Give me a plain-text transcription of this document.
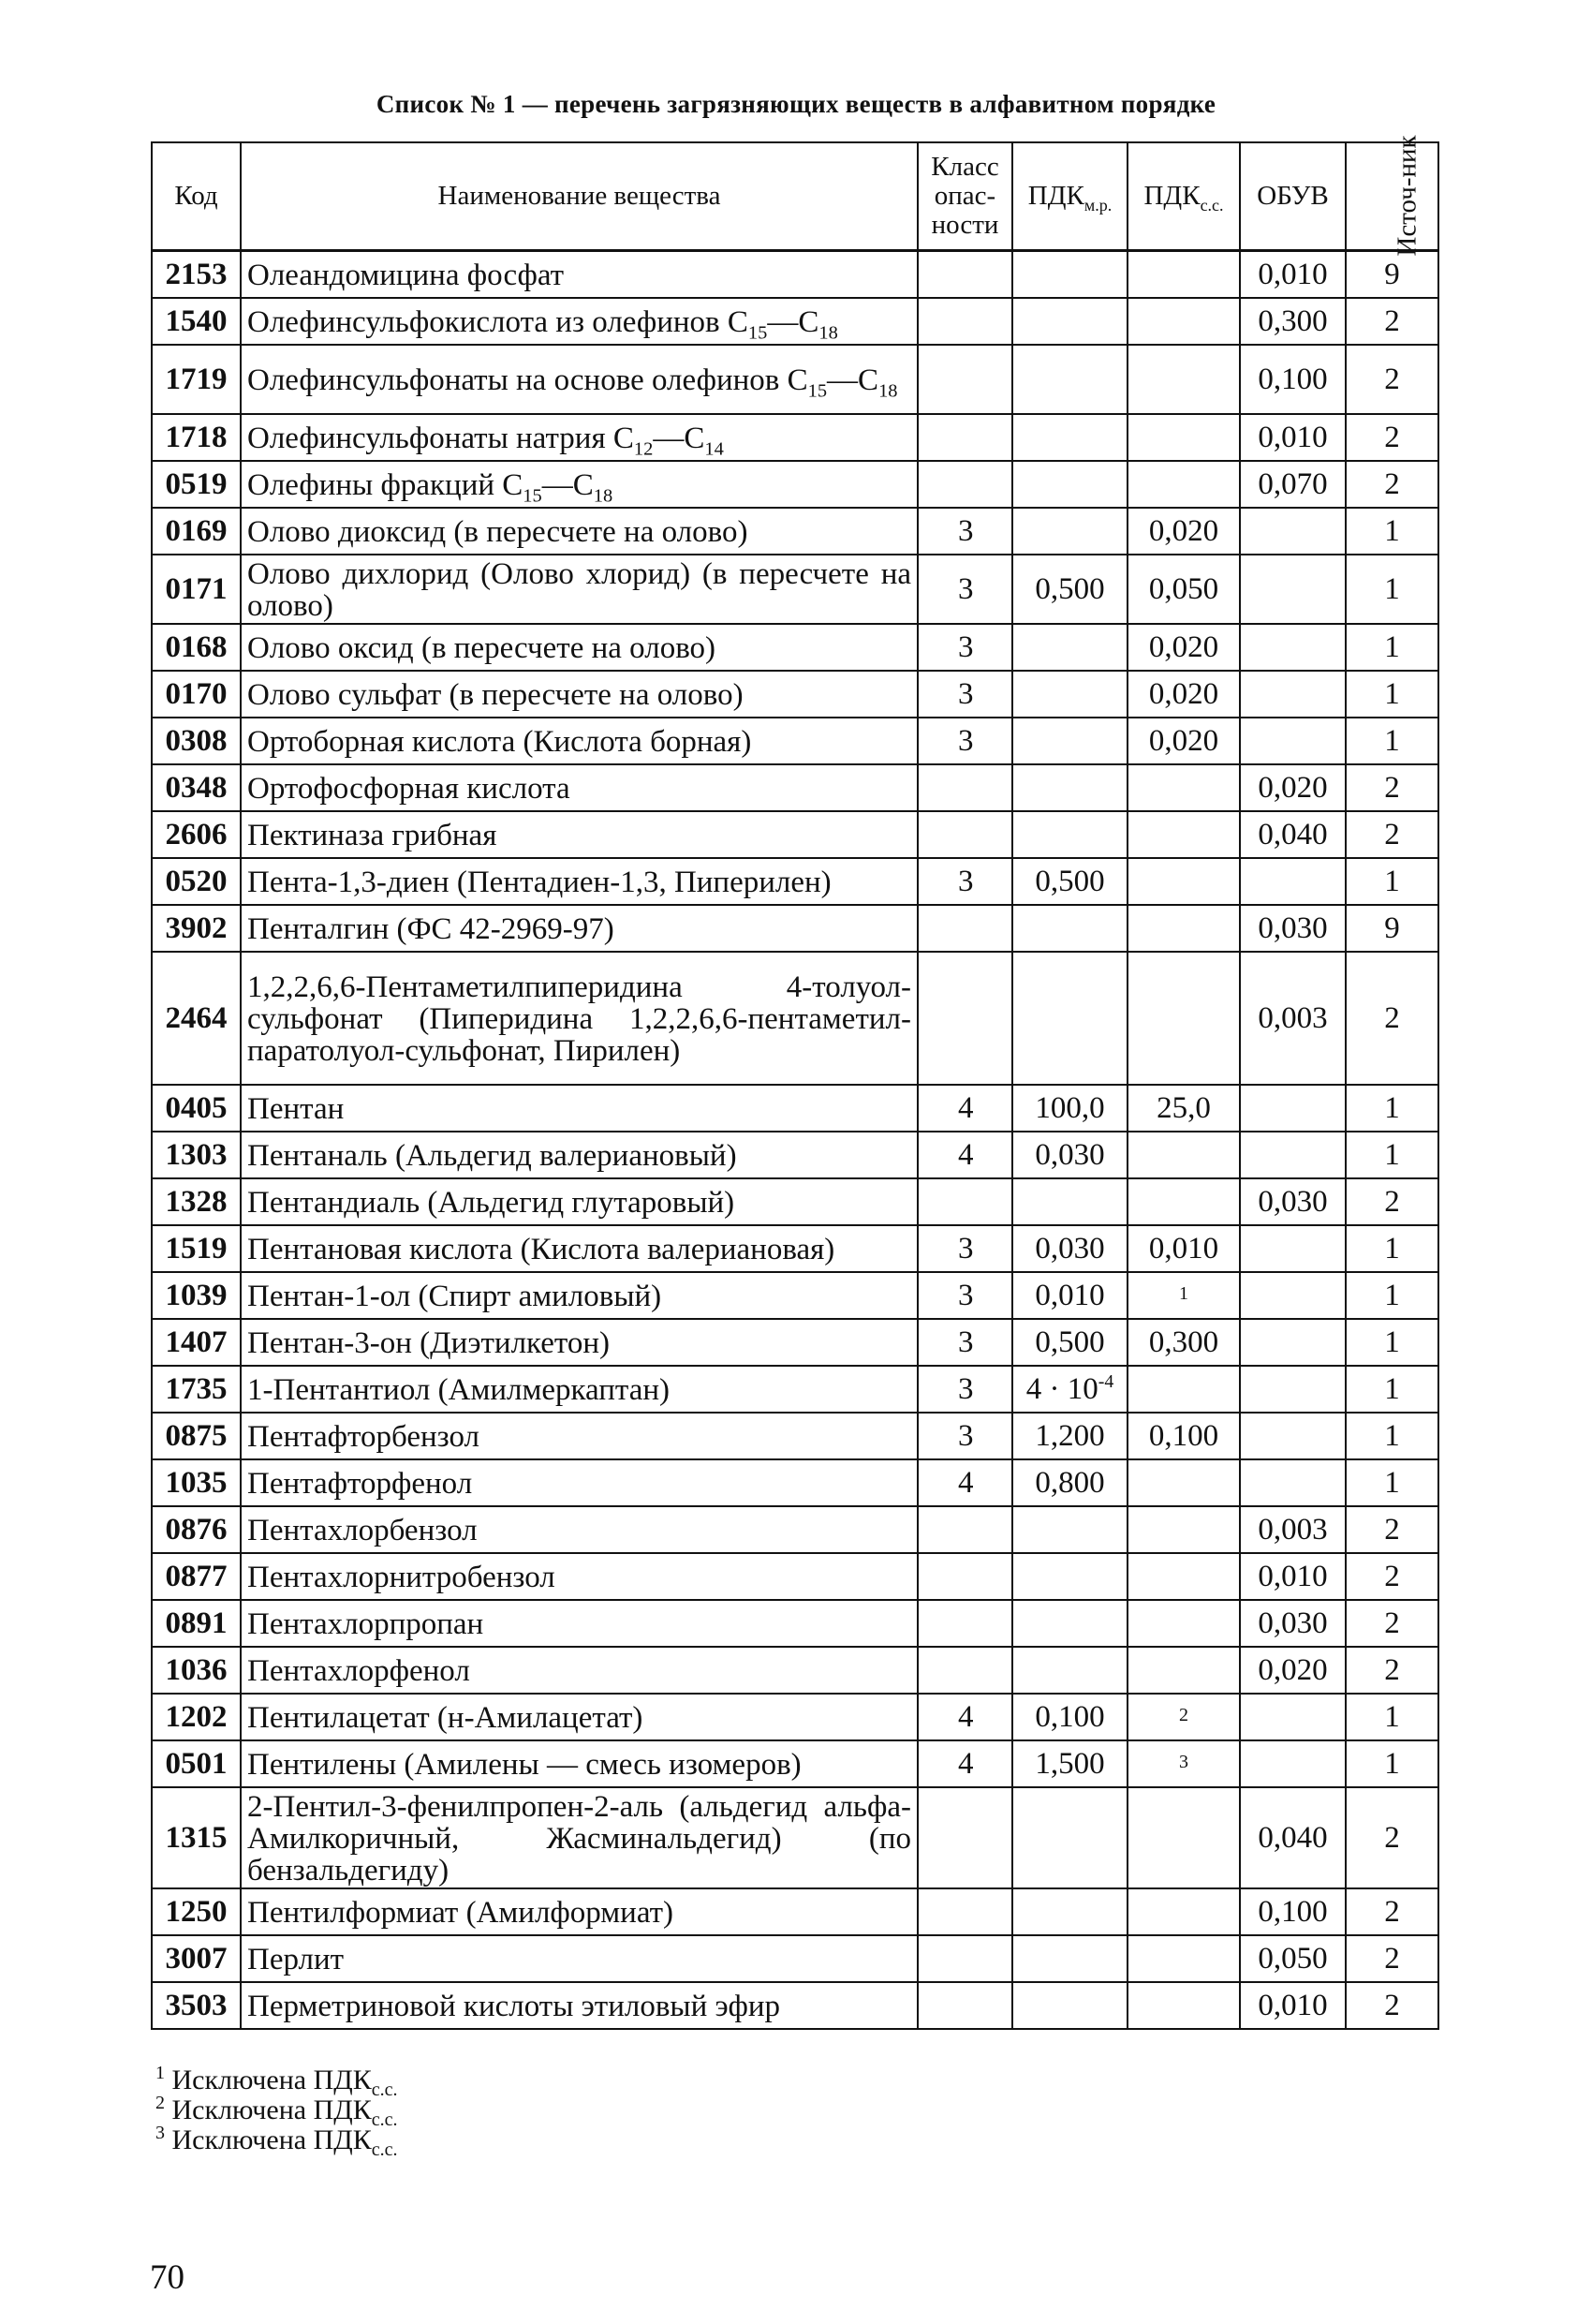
Список № 1 — перечень загрязняющих веществ в алфавитном порядке
Код	Наименование вещества	Класс
опас-
ности	$ПДК_{м.р.}$	$ПДК_{с.с.}$	ОБУВ	Источ-ник
2153	Олеандомицина фосфат				0,010	9
1540	Олефинсульфокислота из олефинов $C_{15}—C_{18}$				0,300	2
1719	Олефинсульфонаты на основе олефинов $C_{15}—C_{18}$				0,100	2
1718	Олефинсульфонаты натрия $C_{12}—C_{14}$				0,010	2
0519	Олефины фракций $C_{15}—C_{18}$				0,070	2
0169	Олово диоксид (в пересчете на олово)	3		0,020		1
0171	Олово дихлорид (Олово хлорид) (в пересчете на олово)	3	0,500	0,050		1
0168	Олово оксид (в пересчете на олово)	3		0,020		1
0170	Олово сульфат (в пересчете на олово)	3		0,020		1
0308	Ортоборная кислота (Кислота борная)	3		0,020		1
0348	Ортофосфорная кислота				0,020	2
2606	Пектиназа грибная				0,040	2
0520	Пента-1,3-диен (Пентадиен-1,3, Пиперилен)	3	0,500			1
3902	Пенталгин (ФС 42-2969-97)				0,030	9
2464	1,2,2,6,6-Пентаметилпиперидина 4-толуол-сульфонат (Пиперидина 1,2,2,6,6-пентаметил-паратолуол-сульфонат, Пирилен)				0,003	2
0405	Пентан	4	100,0	25,0		1
1303	Пентаналь (Альдегид валериановый)	4	0,030			1
1328	Пентандиаль (Альдегид глутаровый)				0,030	2
1519	Пентановая кислота (Кислота валериановая)	3	0,030	0,010		1
1039	Пентан-1-ол (Спирт амиловый)	3	0,010	$^1$		1
1407	Пентан-3-он (Диэтилкетон)	3	0,500	0,300		1
1735	1-Пентантиол (Амилмеркаптан)	3	$4 \cdot 10^{-4}$			1
0875	Пентафторбензол	3	1,200	0,100		1
1035	Пентафторфенол	4	0,800			1
0876	Пентахлорбензол				0,003	2
0877	Пентахлорнитробензол				0,010	2
0891	Пентахлорпропан				0,030	2
1036	Пентахлорфенол				0,020	2
1202	Пентилацетат (н-Амилацетат)	4	0,100	$^2$		1
0501	Пентилены (Амилены — смесь изомеров)	4	1,500	$^3$		1
1315	2-Пентил-3-фенилпропен-2-аль (альдегид альфа-Амилкоричный, Жасминальдегид) (по бензальдегиду)				0,040	2
1250	Пентилформиат (Амилформиат)				0,100	2
3007	Перлит				0,050	2
3503	Перметриновой кислоты этиловый эфир				0,010	2
$^1$ Исключена $ПДК_{с.с.}$
$^2$ Исключена $ПДК_{с.с.}$
$^3$ Исключена $ПДК_{с.с.}$
70
